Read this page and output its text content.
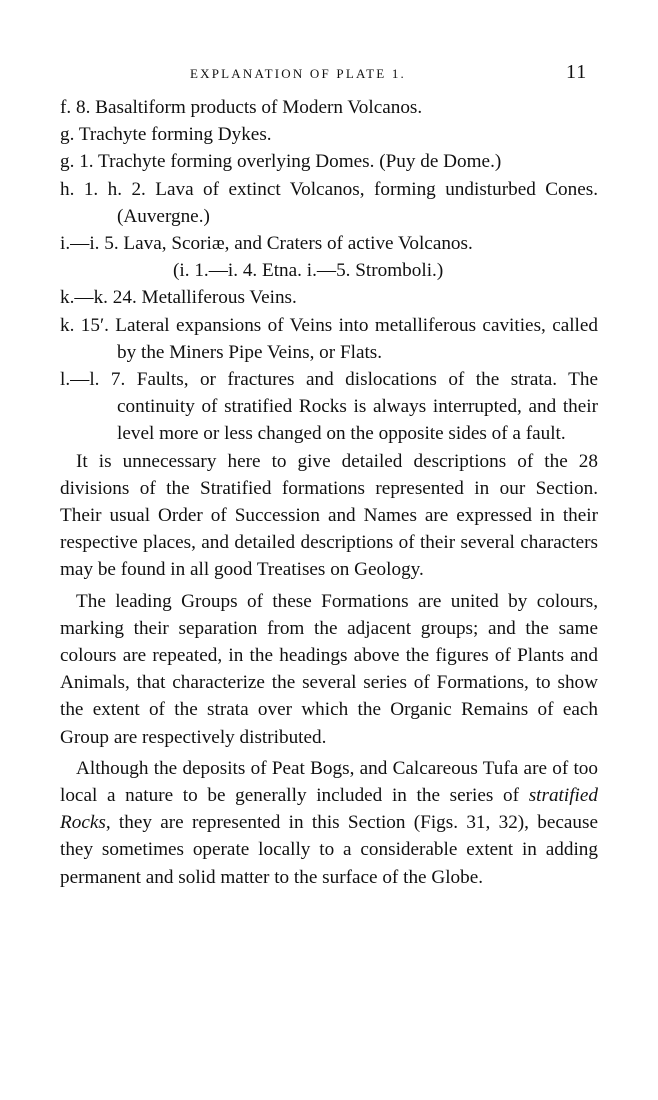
EXPLANATION OF PLATE 1.	11
f. 8. Basaltiform products of Modern Volcanos.
g. Trachyte forming Dykes.
g. 1. Trachyte forming overlying Domes. (Puy de Dome.)
h. 1. h. 2. Lava of extinct Volcanos, forming undisturbed Cones. (Auvergne.)
i.—i. 5. Lava, Scoriæ, and Craters of active Volcanos.
(i. 1.—i. 4. Etna. i.—5. Stromboli.)
k.—k. 24. Metalliferous Veins.
k. 15′. Lateral expansions of Veins into metalliferous cavities, called by the Miners Pipe Veins, or Flats.
l.—l. 7. Faults, or fractures and dislocations of the strata. The continuity of stratified Rocks is always interrupted, and their level more or less changed on the opposite sides of a fault.

It is unnecessary here to give detailed descriptions of the 28 divisions of the Stratified formations represented in our Section. Their usual Order of Succession and Names are expressed in their respective places, and detailed descriptions of their several characters may be found in all good Treatises on Geology.

The leading Groups of these Formations are united by colours, marking their separation from the adjacent groups; and the same colours are repeated, in the headings above the figures of Plants and Animals, that characterize the several series of Formations, to show the extent of the strata over which the Organic Remains of each Group are respectively distributed.

Although the deposits of Peat Bogs, and Calcareous Tufa are of too local a nature to be generally included in the series of stratified Rocks, they are represented in this Section (Figs. 31, 32), because they sometimes operate locally to a considerable extent in adding permanent and solid matter to the surface of the Globe.
